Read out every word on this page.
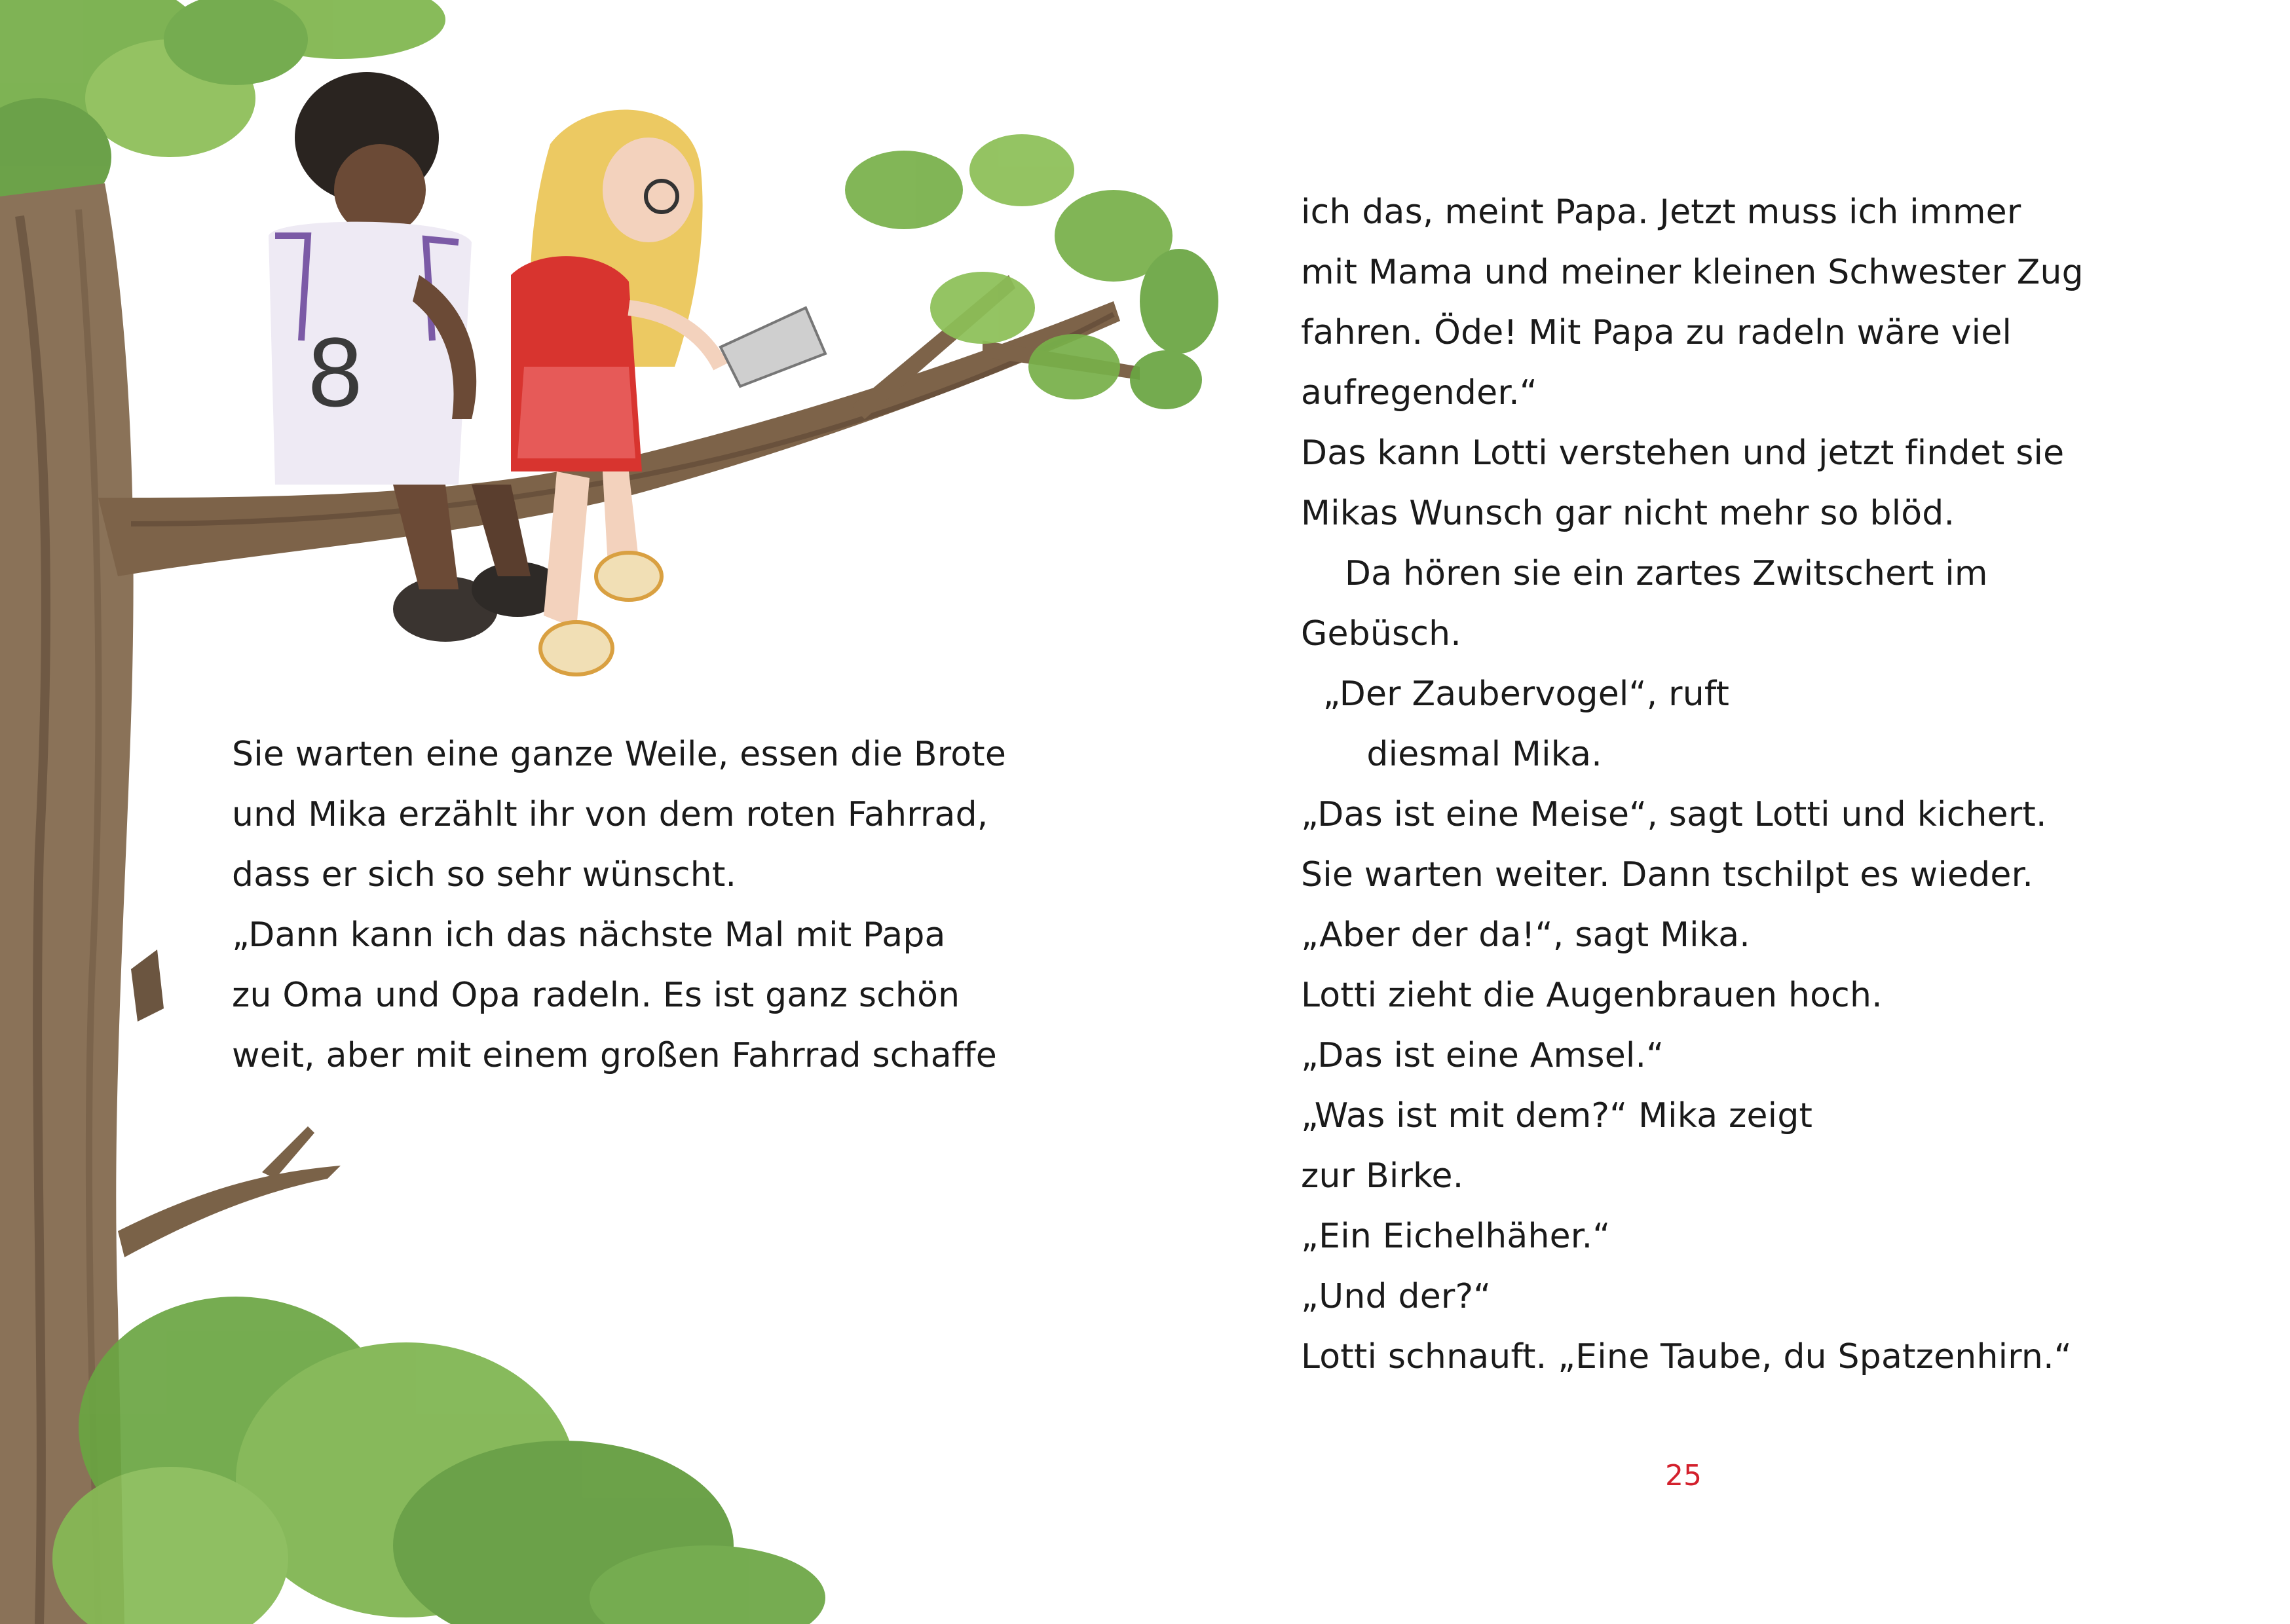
8
Sie warten eine ganze Weile, essen die Brote
und Mika erzählt ihr von dem roten Fahrrad,
dass er sich so sehr wünscht.
„Dann kann ich das nächste Mal mit Papa
zu Oma und Opa radeln. Es ist ganz schön
weit, aber mit einem großen Fahrrad schaffe
ich das, meint Papa. Jetzt muss ich immer
mit Mama und meiner kleinen Schwester Zug
fahren. Öde! Mit Papa zu radeln wäre viel
aufregender.“
Das kann Lotti verstehen und jetzt findet sie
Mikas Wunsch gar nicht mehr so blöd.
Da hören sie ein zartes Zwitschert im
Gebüsch.
„Der Zaubervogel“, ruft
diesmal Mika.
„Das ist eine Meise“, sagt Lotti und kichert.
Sie warten weiter. Dann tschilpt es wieder.
„Aber der da!“, sagt Mika.
Lotti zieht die Augenbrauen hoch.
„Das ist eine Amsel.“
„Was ist mit dem?“ Mika zeigt
zur Birke.
„Ein Eichelhäher.“
„Und der?“
Lotti schnauft. „Eine Taube, du Spatzenhirn.“
25
